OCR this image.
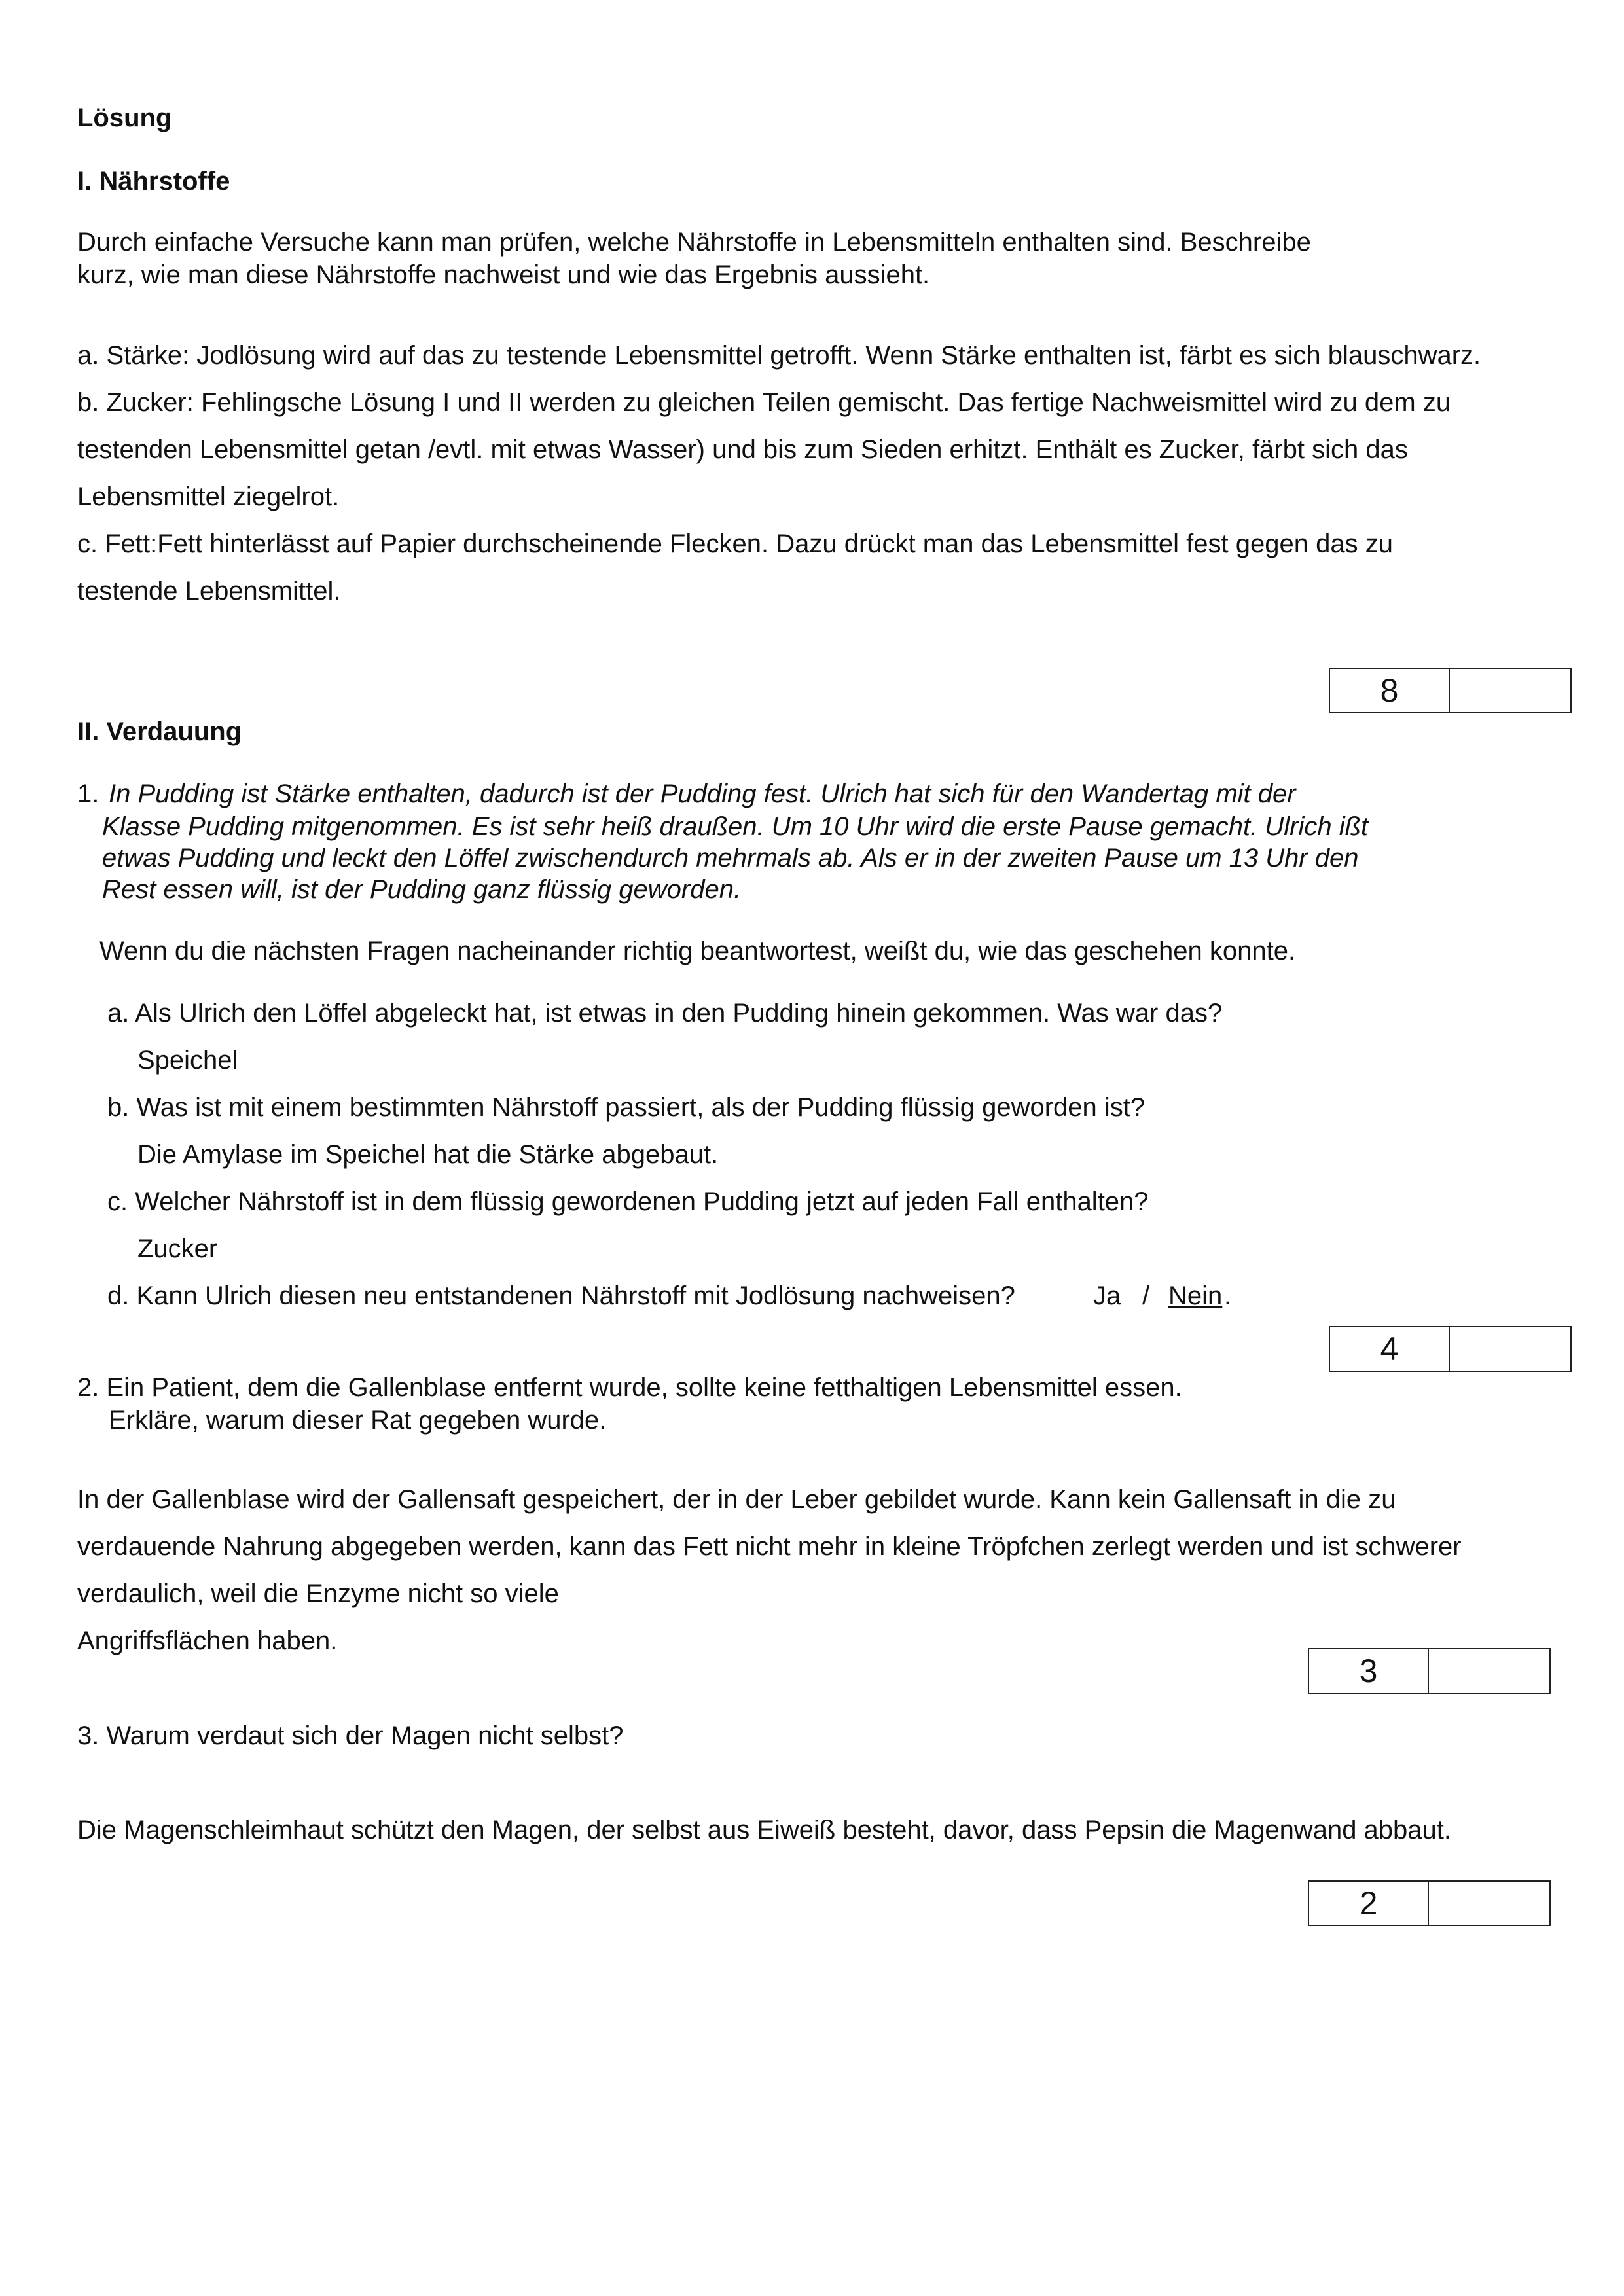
Lösung
I. Nährstoffe
Durch einfache Versuche kann man prüfen, welche Nährstoffe in Lebensmitteln enthalten sind. Beschreibe
kurz, wie man diese Nährstoffe nachweist und wie das Ergebnis aussieht.
a. Stärke: Jodlösung wird auf das zu testende Lebensmittel getrofft. Wenn Stärke enthalten ist, färbt es sich blauschwarz.
b. Zucker: Fehlingsche Lösung I und II werden zu gleichen Teilen gemischt. Das fertige Nachweismittel wird zu dem zu
testenden Lebensmittel getan /evtl. mit etwas Wasser) und bis zum Sieden erhitzt. Enthält es Zucker, färbt sich das
Lebensmittel ziegelrot.
c. Fett:Fett hinterlässt auf Papier durchscheinende Flecken. Dazu drückt man das Lebensmittel fest gegen das zu
testende Lebensmittel.
8
II. Verdauung
1. In Pudding ist Stärke enthalten, dadurch ist der Pudding fest. Ulrich hat sich für den Wandertag mit der
Klasse Pudding mitgenommen. Es ist sehr heiß draußen. Um 10 Uhr wird die erste Pause gemacht. Ulrich ißt
etwas Pudding und leckt den Löffel zwischendurch mehrmals ab. Als er in der zweiten Pause um 13 Uhr den
Rest essen will, ist der Pudding ganz flüssig geworden.
Wenn du die nächsten Fragen nacheinander richtig beantwortest, weißt du, wie das geschehen konnte.
a. Als Ulrich den Löffel abgeleckt hat, ist etwas in den Pudding hinein gekommen. Was war das?
Speichel
b. Was ist mit einem bestimmten Nährstoff passiert, als der Pudding flüssig geworden ist?
Die Amylase im Speichel hat die Stärke abgebaut.
c. Welcher Nährstoff ist in dem flüssig gewordenen Pudding jetzt auf jeden Fall enthalten?
Zucker
d. Kann Ulrich diesen neu entstandenen Nährstoff mit Jodlösung nachweisen?	Ja / Nein .
4
2. Ein Patient, dem die Gallenblase entfernt wurde, sollte keine fetthaltigen Lebensmittel essen.
Erkläre, warum dieser Rat gegeben wurde.
In der Gallenblase wird der Gallensaft gespeichert, der in der Leber gebildet wurde. Kann kein Gallensaft in die zu
verdauende Nahrung abgegeben werden, kann das Fett nicht mehr in kleine Tröpfchen zerlegt werden und ist schwerer
verdaulich, weil die Enzyme nicht so viele
Angriffsflächen haben.
3
3. Warum verdaut sich der Magen nicht selbst?
Die Magenschleimhaut schützt den Magen, der selbst aus Eiweiß besteht, davor, dass Pepsin die Magenwand abbaut.
2
